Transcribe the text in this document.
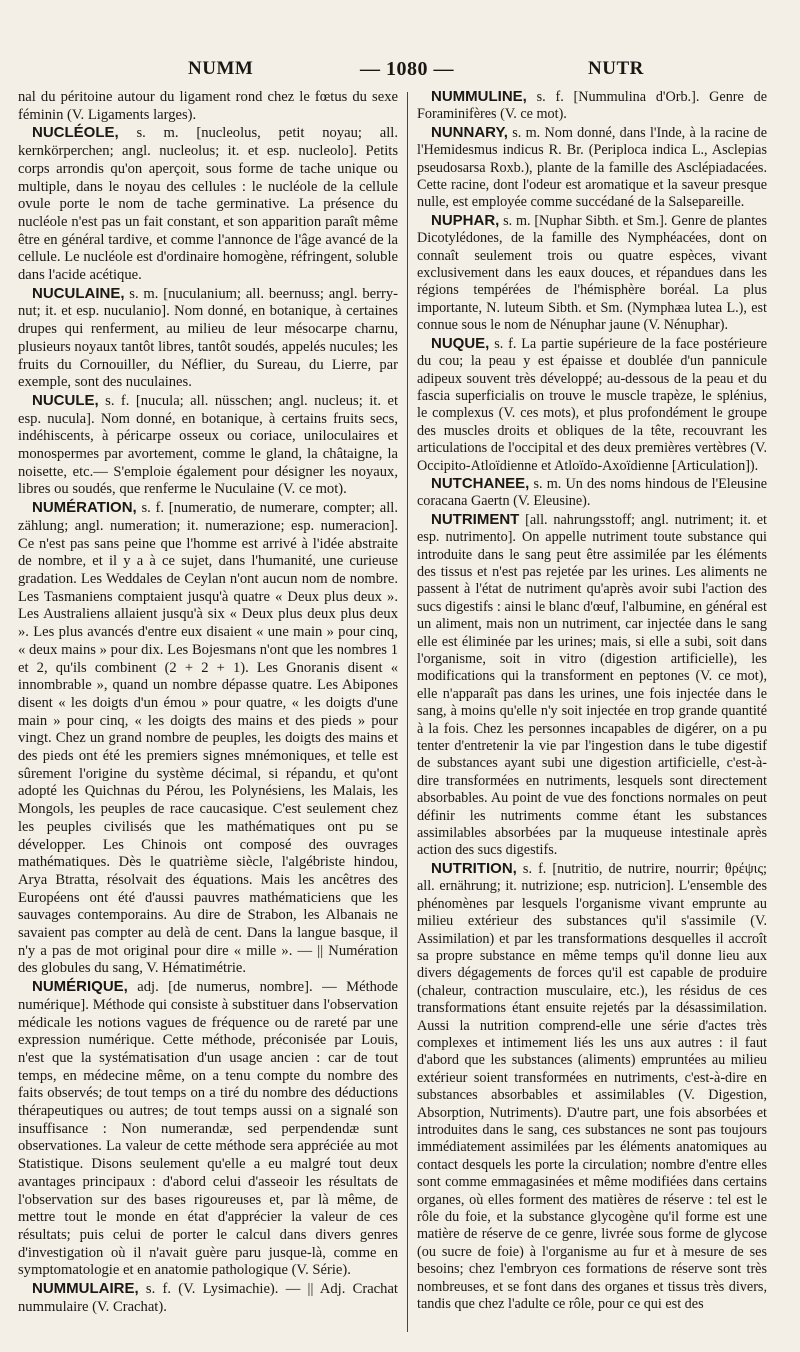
NUMM	— 1080 —	NUTR

nal du péritoine autour du ligament rond chez le fœtus du sexe féminin (V. Ligaments larges).

NUCLÉOLE, s. m. [nucleolus, petit noyau; all. kernkörperchen; angl. nucleolus; it. et esp. nucleolo]. Petits corps arrondis qu'on aperçoit, sous forme de tache unique ou multiple, dans le noyau des cellules : le nucléole de la cellule ovule porte le nom de tache germinative. La présence du nucléole n'est pas un fait constant, et son apparition paraît même être en général tardive, et comme l'annonce de l'âge avancé de la cellule. Le nucléole est d'ordinaire homogène, réfringent, soluble dans l'acide acétique.

NUCULAINE, s. m. [nuculanium; all. beernuss; angl. berry-nut; it. et esp. nuculanio]. Nom donné, en botanique, à certaines drupes qui renferment, au milieu de leur mésocarpe charnu, plusieurs noyaux tantôt libres, tantôt soudés, appelés nucules; les fruits du Cornouiller, du Néflier, du Sureau, du Lierre, par exemple, sont des nuculaines.

NUCULE, s. f. [nucula; all. nüsschen; angl. nucleus; it. et esp. nucula]. Nom donné, en botanique, à certains fruits secs, indéhiscents, à péricarpe osseux ou coriace, uniloculaires et monospermes par avortement, comme le gland, la châtaigne, la noisette, etc.— S'emploie également pour désigner les noyaux, libres ou soudés, que renferme le Nuculaine (V. ce mot).

NUMÉRATION, s. f. [numeratio, de numerare, compter; all. zählung; angl. numeration; it. numerazione; esp. numeracion]. Ce n'est pas sans peine que l'homme est arrivé à l'idée abstraite de nombre, et il y a à ce sujet, dans l'humanité, une curieuse gradation. Les Weddales de Ceylan n'ont aucun nom de nombre. Les Tasmaniens comptaient jusqu'à quatre « Deux plus deux ». Les Australiens allaient jusqu'à six « Deux plus deux plus deux ». Les plus avancés d'entre eux disaient « une main » pour cinq, « deux mains » pour dix. Les Bojesmans n'ont que les nombres 1 et 2, qu'ils combinent (2 + 2 + 1). Les Gnoranis disent « innombrable », quand un nombre dépasse quatre. Les Abipones disent « les doigts d'un émou » pour quatre, « les doigts d'une main » pour cinq, « les doigts des mains et des pieds » pour vingt. Chez un grand nombre de peuples, les doigts des mains et des pieds ont été les premiers signes mnémoniques, et telle est sûrement l'origine du système décimal, si répandu, et qu'ont adopté les Quichnas du Pérou, les Polynésiens, les Malais, les Mongols, les peuples de race caucasique. C'est seulement chez les peuples civilisés que les mathématiques ont pu se développer. Les Chinois ont composé des ouvrages mathématiques. Dès le quatrième siècle, l'algébriste hindou, Arya Btratta, résolvait des équations. Mais les ancêtres des Européens ont été d'aussi pauvres mathématiciens que les sauvages contemporains. Au dire de Strabon, les Albanais ne savaient pas compter au delà de cent. Dans la langue basque, il n'y a pas de mot original pour dire « mille ». — || Numération des globules du sang, V. Hématimétrie.

NUMÉRIQUE, adj. [de numerus, nombre]. — Méthode numérique]. Méthode qui consiste à substituer dans l'observation médicale les notions vagues de fréquence ou de rareté par une expression numérique. Cette méthode, préconisée par Louis, n'est que la systématisation d'un usage ancien : car de tout temps, en médecine même, on a tenu compte du nombre des faits observés; de tout temps on a tiré du nombre des déductions thérapeutiques ou autres; de tout temps aussi on a signalé son insuffisance : Non numerandæ, sed perpendendæ sunt observationes. La valeur de cette méthode sera appréciée au mot Statistique. Disons seulement qu'elle a eu malgré tout deux avantages principaux : d'abord celui d'asseoir les résultats de l'observation sur des bases rigoureuses et, par là même, de mettre tout le monde en état d'apprécier la valeur de ces résultats; puis celui de porter le calcul dans divers genres d'investigation où il n'avait guère paru jusque-là, comme en symptomatologie et en anatomie pathologique (V. Série).

NUMMULAIRE, s. f. (V. Lysimachie). — || Adj. Crachat nummulaire (V. Crachat).

NUMMULINE, s. f. [Nummulina d'Orb.]. Genre de Foraminifères (V. ce mot).

NUNNARY, s. m. Nom donné, dans l'Inde, à la racine de l'Hemidesmus indicus R. Br. (Periploca indica L., Asclepias pseudosarsa Roxb.), plante de la famille des Asclépiadacées. Cette racine, dont l'odeur est aromatique et la saveur presque nulle, est employée comme succédané de la Salsepareille.

NUPHAR, s. m. [Nuphar Sibth. et Sm.]. Genre de plantes Dicotylédones, de la famille des Nymphéacées, dont on connaît seulement trois ou quatre espèces, vivant exclusivement dans les eaux douces, et répandues dans les régions tempérées de l'hémisphère boréal. La plus importante, N. luteum Sibth. et Sm. (Nymphæa lutea L.), est connue sous le nom de Nénuphar jaune (V. Nénuphar).

NUQUE, s. f. La partie supérieure de la face postérieure du cou; la peau y est épaisse et doublée d'un pannicule adipeux souvent très développé; au-dessous de la peau et du fascia superficialis on trouve le muscle trapèze, le splénius, le complexus (V. ces mots), et plus profondément le groupe des muscles droits et obliques de la tête, recouvrant les articulations de l'occipital et des deux premières vertèbres (V. Occipito-Atloïdienne et Atloïdo-Axoïdienne [Articulation]).

NUTCHANEE, s. m. Un des noms hindous de l'Eleusine coracana Gaertn (V. Eleusine).

NUTRIMENT [all. nahrungsstoff; angl. nutriment; it. et esp. nutrimento]. On appelle nutriment toute substance qui introduite dans le sang peut être assimilée par les éléments des tissus et n'est pas rejetée par les urines. Les aliments ne passent à l'état de nutriment qu'après avoir subi l'action des sucs digestifs : ainsi le blanc d'œuf, l'albumine, en général est un aliment, mais non un nutriment, car injectée dans le sang elle est éliminée par les urines; mais, si elle a subi, soit dans l'organisme, soit in vitro (digestion artificielle), les modifications qui la transforment en peptones (V. ce mot), elle n'apparaît pas dans les urines, une fois injectée dans le sang, à moins qu'elle n'y soit injectée en trop grande quantité à la fois. Chez les personnes incapables de digérer, on a pu tenter d'entretenir la vie par l'ingestion dans le tube digestif de substances ayant subi une digestion artificielle, c'est-à-dire transformées en nutriments, lesquels sont directement absorbables. Au point de vue des fonctions normales on peut définir les nutriments comme étant les substances assimilables absorbées par la muqueuse intestinale après action des sucs digestifs.

NUTRITION, s. f. [nutritio, de nutrire, nourrir; θρέψις; all. ernährung; it. nutrizione; esp. nutricion]. L'ensemble des phénomènes par lesquels l'organisme vivant emprunte au milieu extérieur des substances qu'il s'assimile (V. Assimilation) et par les transformations desquelles il accroît sa propre substance en même temps qu'il donne lieu aux divers dégagements de forces qu'il est capable de produire (chaleur, contraction musculaire, etc.), les résidus de ces transformations étant ensuite rejetés par la désassimilation. Aussi la nutrition comprend-elle une série d'actes très complexes et intimement liés les uns aux autres : il faut d'abord que les substances (aliments) empruntées au milieu extérieur soient transformées en nutriments, c'est-à-dire en substances absorbables et assimilables (V. Digestion, Absorption, Nutriments). D'autre part, une fois absorbées et introduites dans le sang, ces substances ne sont pas toujours immédiatement assimilées par les éléments anatomiques au contact desquels les porte la circulation; nombre d'entre elles sont comme emmagasinées et même modifiées dans certains organes, où elles forment des matières de réserve : tel est le rôle du foie, et la substance glycogène qu'il forme est une matière de réserve de ce genre, livrée sous forme de glycose (ou sucre de foie) à l'organisme au fur et à mesure de ses besoins; chez l'embryon ces formations de réserve sont très nombreuses, et se font dans des organes et tissus très divers, tandis que chez l'adulte ce rôle, pour ce qui est des
